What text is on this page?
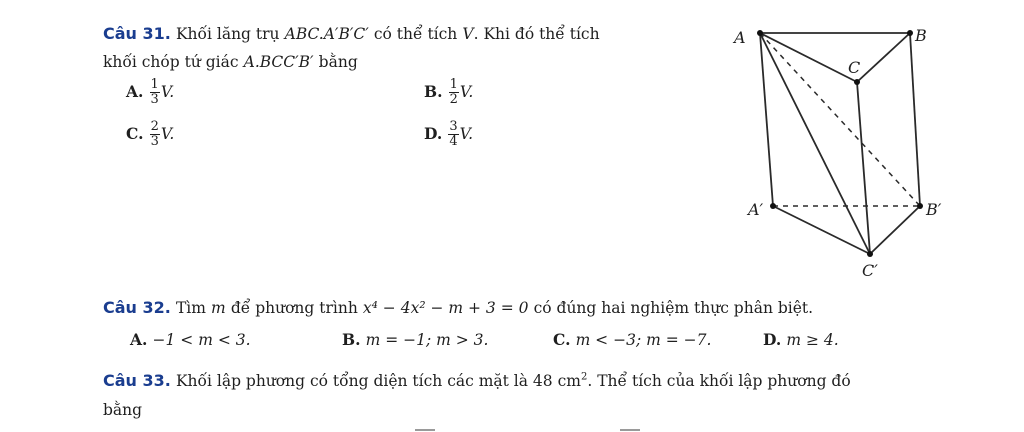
Câu 31. Khối lăng trụ ABC.A′B′C′ có thể tích V. Khi đó thể tích
khối chóp tứ giác A.BCC′B′ bằng
A. $\frac{1}{3} V$.	B. $\frac{1}{2} V$.
C. $\frac{2}{3} V$.	D. $\frac{3}{4} V$.
A	B
C
A′	B′
C′
Câu 32. Tìm m để phương trình x⁴ − 4x² − m + 3 = 0 có đúng hai nghiệm thực phân biệt.
A. −1 < m < 3.	B. m = −1; m > 3.	C. m < −3; m = −7.	D. m ≥ 4.
Câu 33. Khối lập phương có tổng diện tích các mặt là 48 $cm^2$. Thể tích của khối lập phương đó
bằng
